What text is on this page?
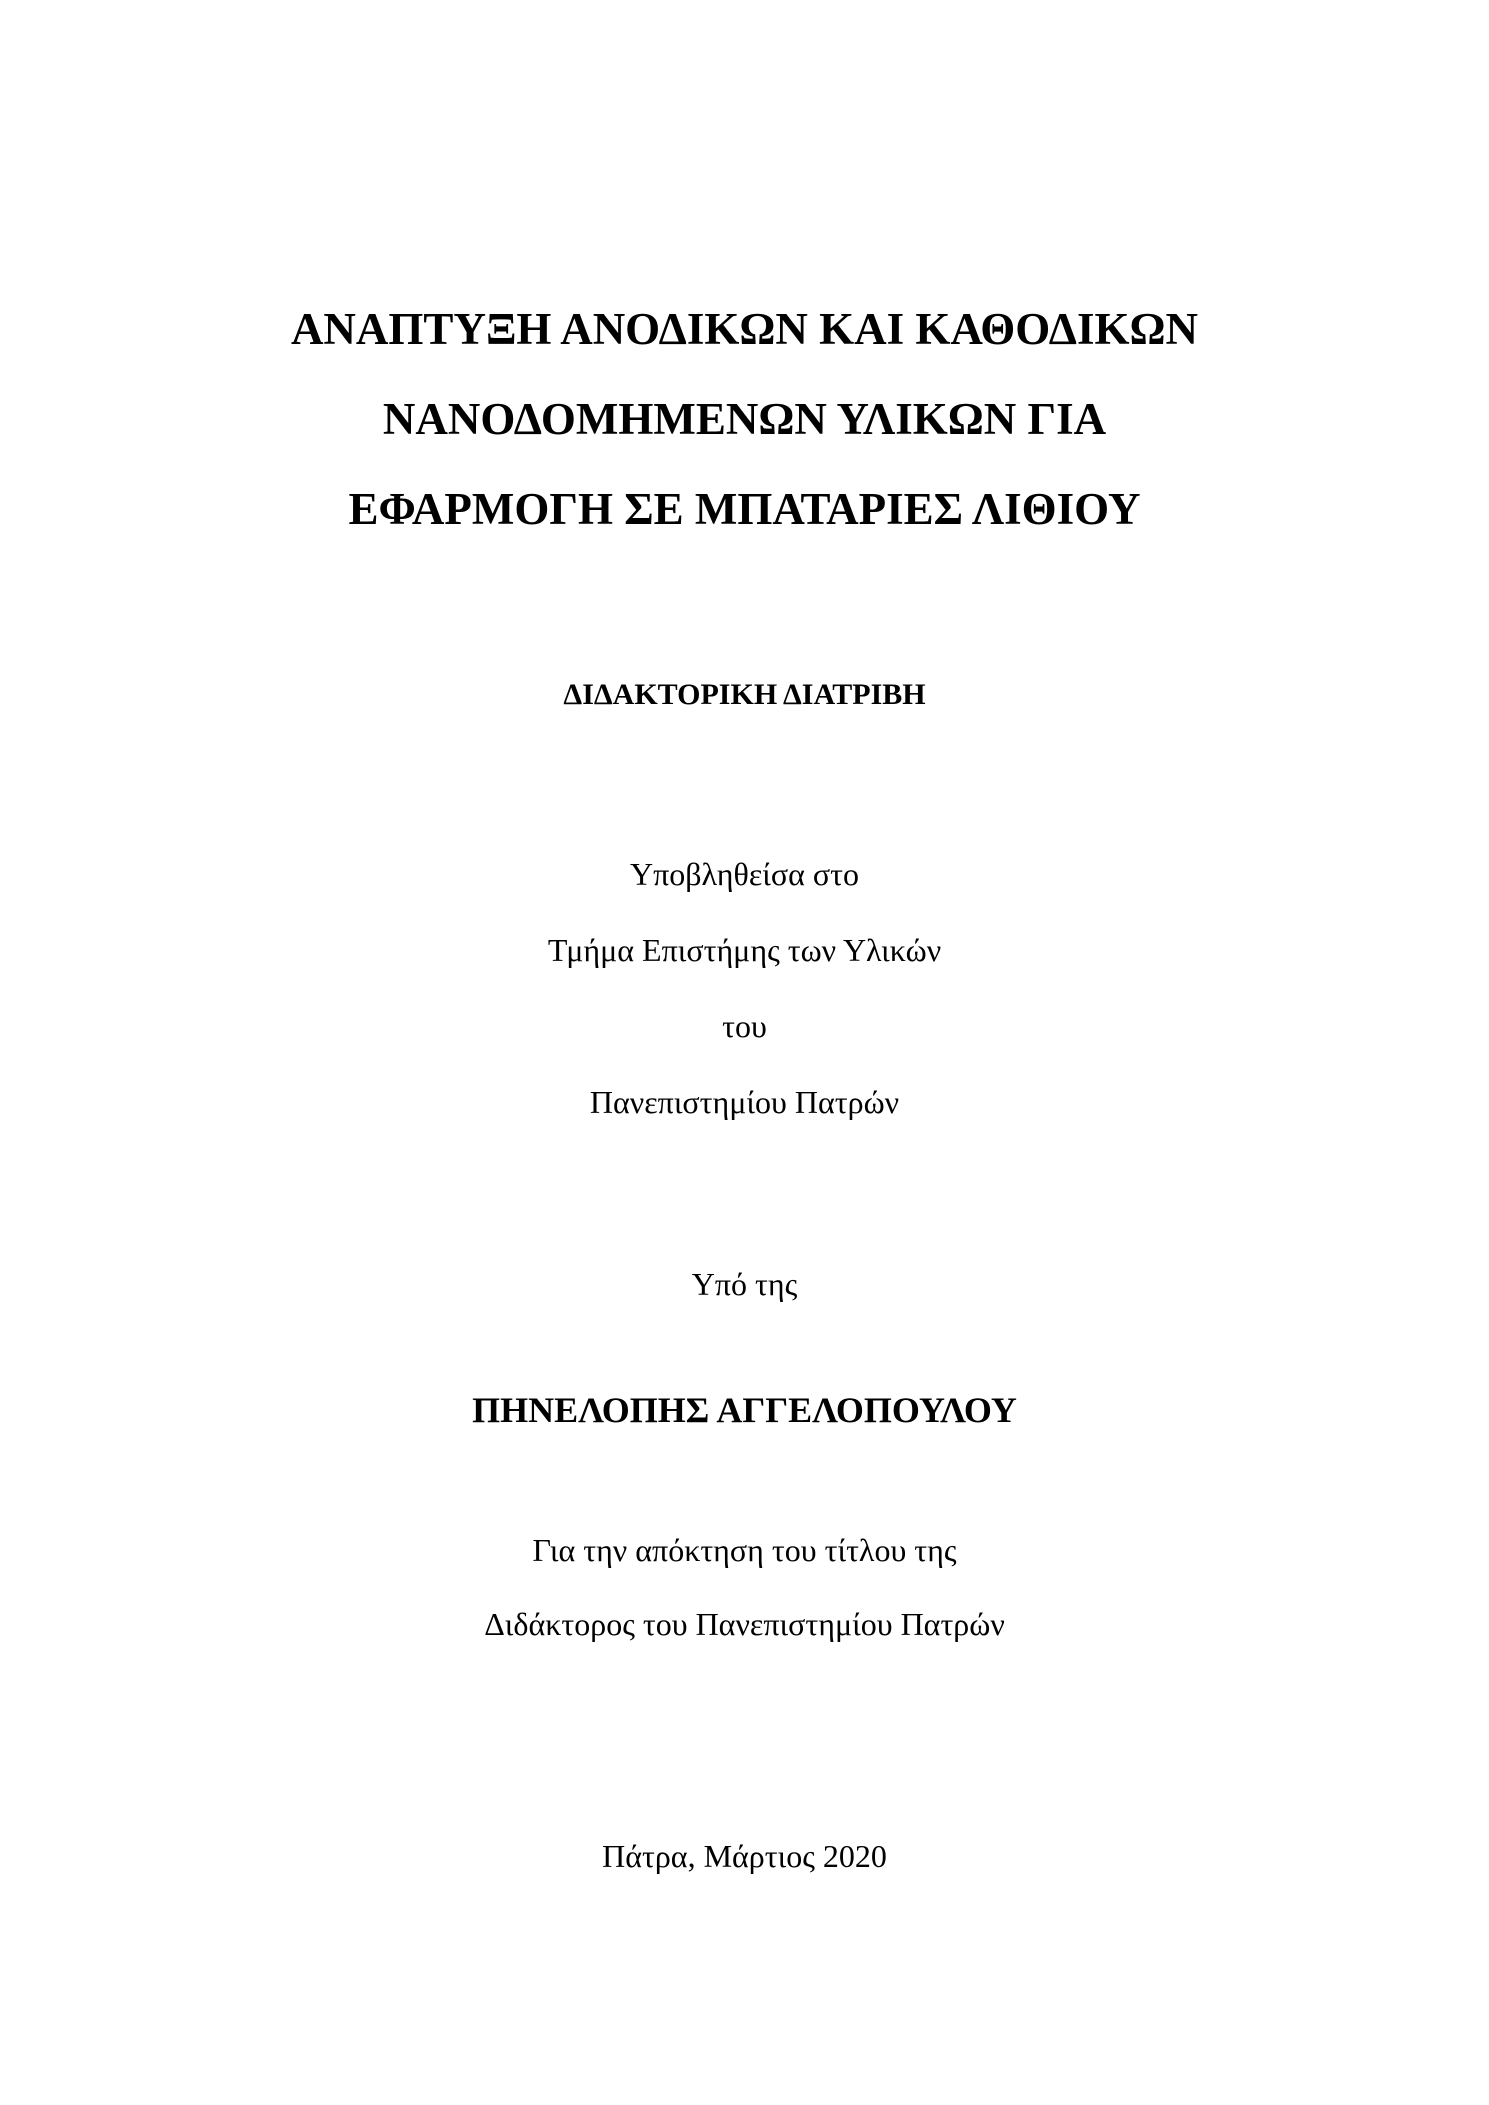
ΑΝΑΠΤΥΞΗ ΑΝΟΔΙΚΩΝ ΚΑΙ ΚΑΘΟΔΙΚΩΝ
ΝΑΝΟΔΟΜΗΜΕΝΩΝ ΥΛΙΚΩΝ ΓΙΑ
ΕΦΑΡΜΟΓΗ ΣΕ ΜΠΑΤΑΡΙΕΣ ΛΙΘΙΟΥ
ΔΙΔΑΚΤΟΡΙΚΗ ΔΙΑΤΡΙΒΗ
Υποβληθείσα στο
Τμήμα Επιστήμης των Υλικών
του
Πανεπιστημίου Πατρών
Υπό της
ΠΗΝΕΛΟΠΗΣ ΑΓΓΕΛΟΠΟΥΛΟΥ
Για την απόκτηση του τίτλου της
Διδάκτορος του Πανεπιστημίου Πατρών
Πάτρα, Μάρτιος 2020
